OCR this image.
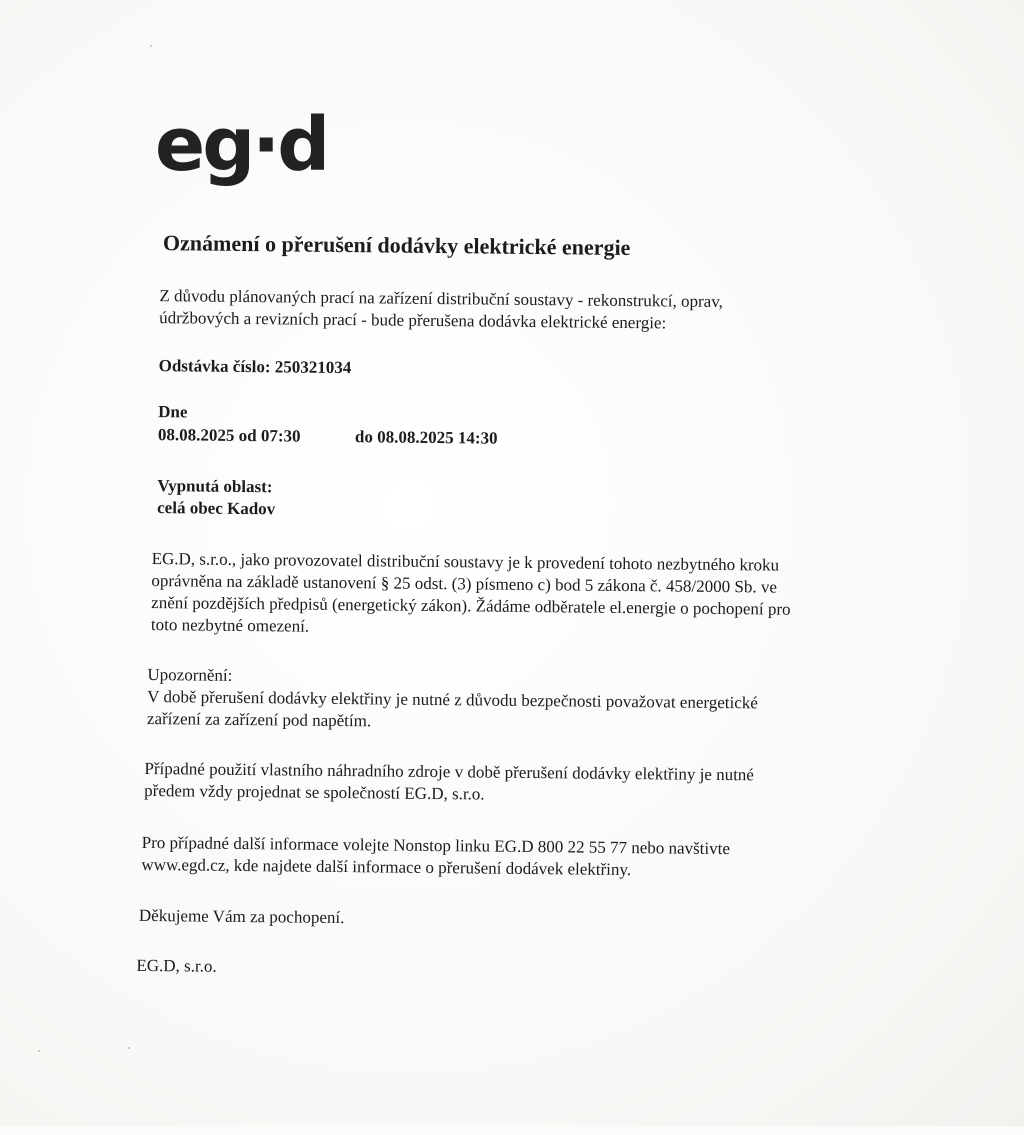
eg·d
Oznámení o přerušení dodávky elektrické energie
Z důvodu plánovaných prací na zařízení distribuční soustavy - rekonstrukcí, oprav,
údržbových a revizních prací - bude přerušena dodávka elektrické energie:
Odstávka číslo: 250321034
Dne
08.08.2025 od 07:30	do 08.08.2025 14:30
Vypnutá oblast:
celá obec Kadov
EG.D, s.r.o., jako provozovatel distribuční soustavy je k provedení tohoto nezbytného kroku
oprávněna na základě ustanovení § 25 odst. (3) písmeno c) bod 5 zákona č. 458/2000 Sb. ve
znění pozdějších předpisů (energetický zákon). Žádáme odběratele el.energie o pochopení pro
toto nezbytné omezení.
Upozornění:
V době přerušení dodávky elektřiny je nutné z důvodu bezpečnosti považovat energetické
zařízení za zařízení pod napětím.
Případné použití vlastního náhradního zdroje v době přerušení dodávky elektřiny je nutné
předem vždy projednat se společností EG.D, s.r.o.
Pro případné další informace volejte Nonstop linku EG.D 800 22 55 77 nebo navštivte
www.egd.cz, kde najdete další informace o přerušení dodávek elektřiny.
Děkujeme Vám za pochopení.
EG.D, s.r.o.
